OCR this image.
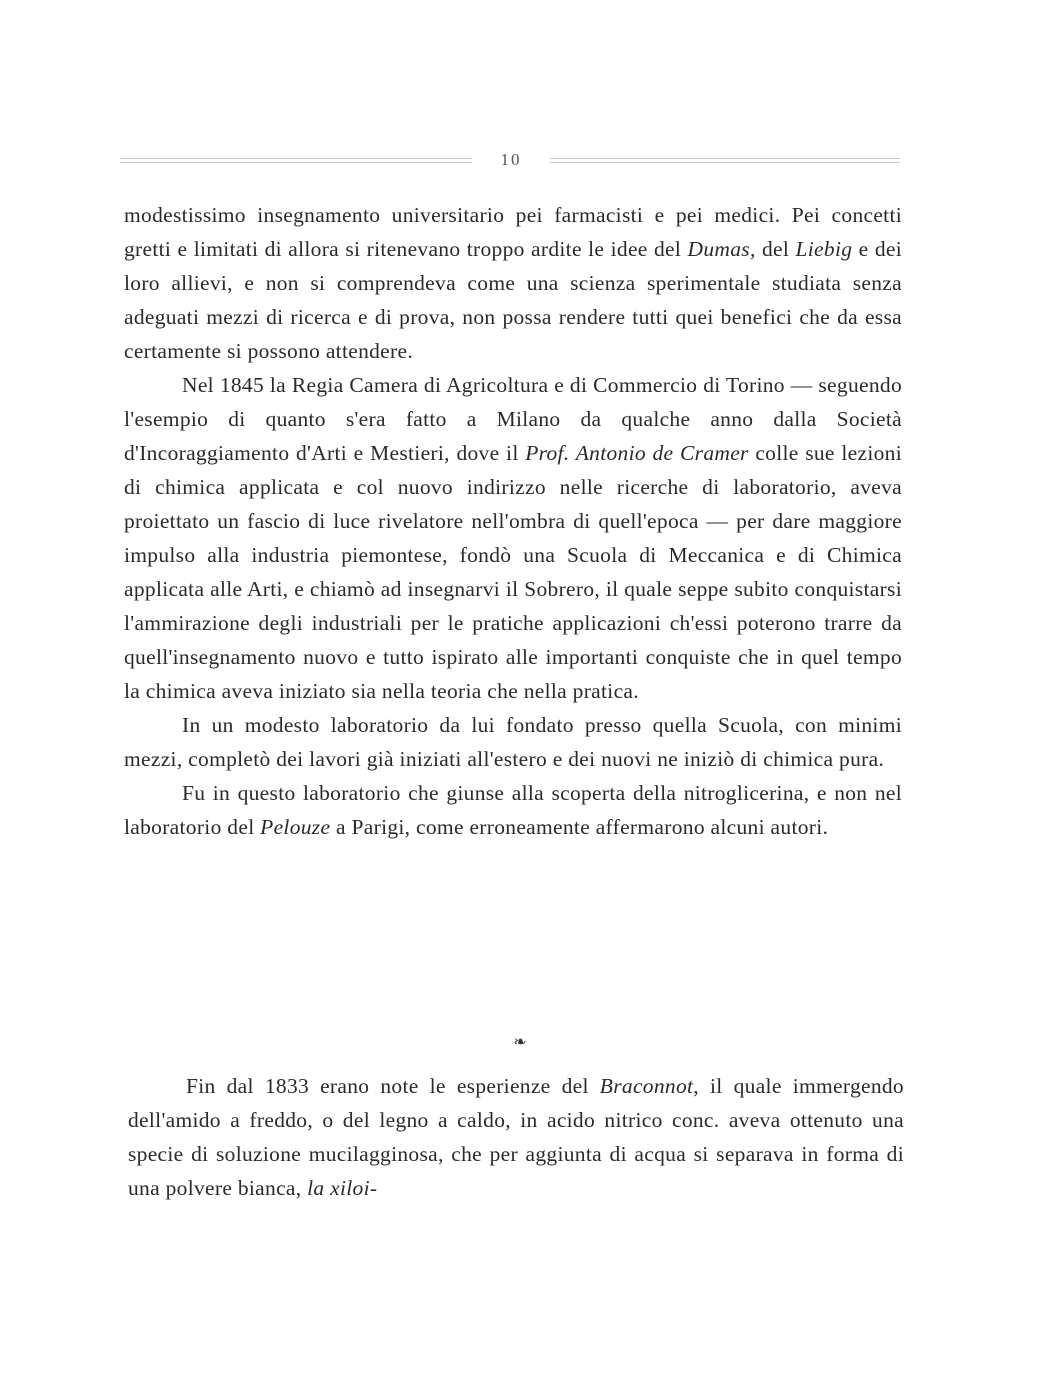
10

modestissimo insegnamento universitario pei farmacisti e pei medici. Pei concetti gretti e limitati di allora si ritenevano troppo ardite le idee del Dumas, del Liebig e dei loro allievi, e non si comprendeva come una scienza sperimentale studiata senza adeguati mezzi di ricerca e di prova, non possa rendere tutti quei benefici che da essa certamente si possono attendere.

Nel 1845 la Regia Camera di Agricoltura e di Commercio di Torino — seguendo l'esempio di quanto s'era fatto a Milano da qualche anno dalla Società d'Incoraggiamento d'Arti e Mestieri, dove il Prof. Antonio de Cramer colle sue lezioni di chimica applicata e col nuovo indirizzo nelle ricerche di laboratorio, aveva proiettato un fascio di luce rivelatore nell'ombra di quell'epoca — per dare maggiore impulso alla industria piemontese, fondò una Scuola di Meccanica e di Chimica applicata alle Arti, e chiamò ad insegnarvi il Sobrero, il quale seppe subito conquistarsi l'ammirazione degli industriali per le pratiche applicazioni ch'essi poterono trarre da quell'insegnamento nuovo e tutto ispirato alle importanti conquiste che in quel tempo la chimica aveva iniziato sia nella teoria che nella pratica.

In un modesto laboratorio da lui fondato presso quella Scuola, con minimi mezzi, completò dei lavori già iniziati all'estero e dei nuovi ne iniziò di chimica pura.

Fu in questo laboratorio che giunse alla scoperta della nitroglicerina, e non nel laboratorio del Pelouze a Parigi, come erroneamente affermarono alcuni autori.

❧

Fin dal 1833 erano note le esperienze del Braconnot, il quale immergendo dell'amido a freddo, o del legno a caldo, in acido nitrico conc. aveva ottenuto una specie di soluzione mucilagginosa, che per aggiunta di acqua si separava in forma di una polvere bianca, la xiloi-
